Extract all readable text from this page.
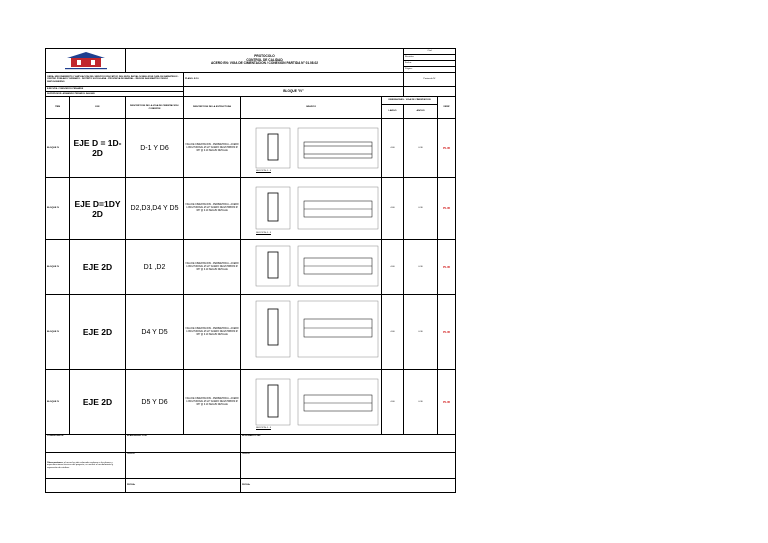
PROTOCOLO
CONTROL DE CALIDAD
ACERO EN: VIGA DE CIMENTACION / CONEXIÓN PARTIDA N° 01.08.02				Cód	
						Revisión:	
						Fecha:	
						Página:	
OBRA: MEJORAMIENTO Y AMPLIACION DEL SERVICIO EDUCATIVO DEL NIVEL INICIAL N°0868-JOSE CARLOS MARIATEGUI - CENTRO POBLADO YURIMAYO - DISTRITO SUCULLANA - PROVINCIA DE BARRAL - REGION SAN MARTIN CODIGO SNIP/GOBIERNO			PLANO: E-10			Protocolo N°	
EJECUTA: CONSORCIO PIRAMIDE			BLOQUE "IV"				
SUPERVISOR: ARMANDO PEDAROL SALVAN							
ITEM	EJE	DESCRIPCION DE LA VIGA DE CIMENTACION / CONEXIÓN	DESCRIPCION DE LA ESTRUCTURA	GRAFICO	DIMENSIONES - VIGA DE CIMENTACION		VERIF
					LARGO	ANCHO	
BLOQUE IV	EJE D = 1D-2D	D-1 Y D6	VIGA DE CIMENTACION - PERIMETRICA - ACERO LONGITUDINAL Ø 1/2" ACERO DE ESTRIBOS Ø 3/8" @ 0.10 SEGUN DETALLE	SECCION 4 - 4	4.60	0.30	PL/R
BLOQUE IV	EJE D=1DY 2D	D2,D3,D4 Y D5	VIGA DE CIMENTACION - PERIMETRICA - ACERO LONGITUDINAL Ø 1/2" ACERO DE ESTRIBOS Ø 3/8" @ 0.10 SEGUN DETALLE	SECCION 4 - 4	4.60	0.30	PL/R
BLOQUE IV	EJE 2D	D1 ,D2	VIGA DE CIMENTACION - PERIMETRICA - ACERO LONGITUDINAL Ø 1/2" ACERO DE ESTRIBOS Ø 3/8" @ 0.10 SEGUN DETALLE		4.60	0.30	PL/R
BLOQUE IV	EJE 2D	D4 Y D5	VIGA DE CIMENTACION - PERIMETRICA - ACERO LONGITUDINAL Ø 1/2" ACERO DE ESTRIBOS Ø 3/8" @ 0.10 SEGUN DETALLE		4.60	0.30	PL/R
BLOQUE IV	EJE 2D	D5 Y D6	VIGA DE CIMENTACION - PERIMETRICA - ACERO LONGITUDINAL Ø 1/2" ACERO DE ESTRIBOS Ø 3/8" @ 0.10 SEGUN DETALLE	SECCION 4 - 4	4.60	0.30	PL/R
COMENTARIOS:		ELABORADO POR:		APROBADO POR:			
Observaciones: el acero ha sido colocado conforme a los planos y especificaciones técnicas del proyecto, se verificó el recubrimiento y separación de estribos.		Nombre		Nombre			
		FECHA:		FECHA:			
